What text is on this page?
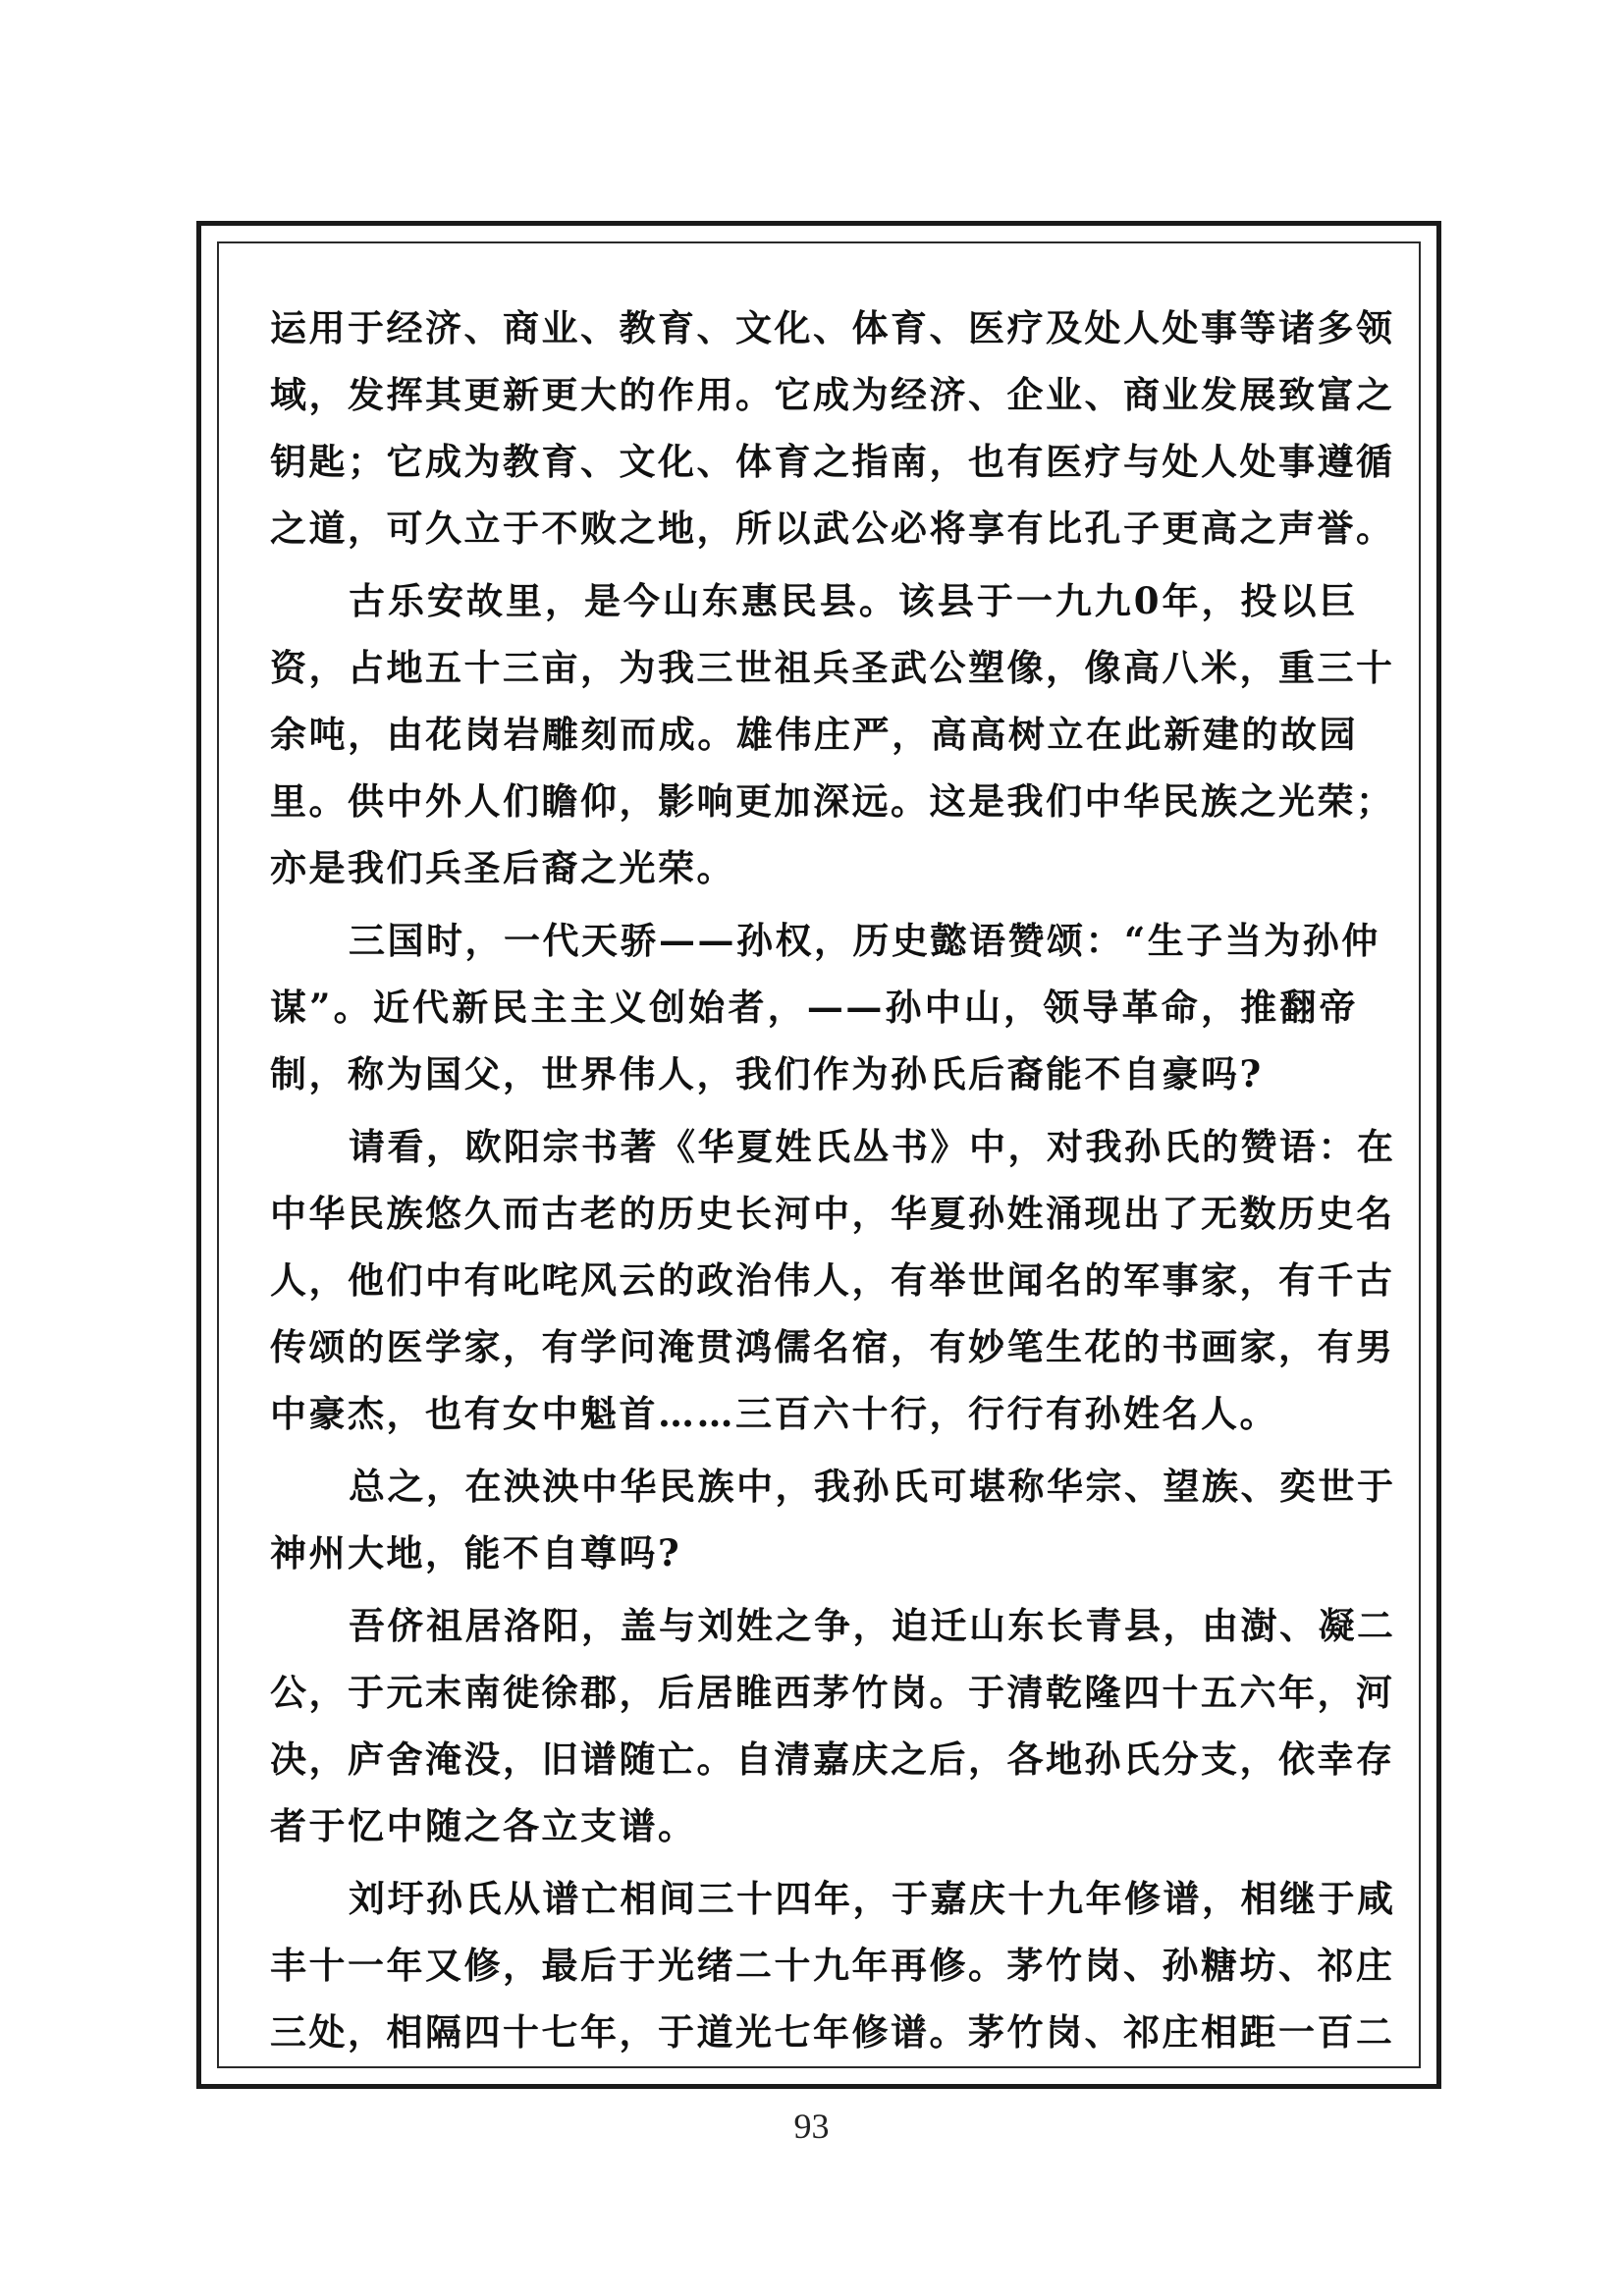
运用于经济、商业、教育、文化、体育、医疗及处人处事等诸多领
域，发挥其更新更大的作用。它成为经济、企业、商业发展致富之
钥匙；它成为教育、文化、体育之指南，也有医疗与处人处事遵循
之道，可久立于不败之地，所以武公必将享有比孔子更高之声誉。
古乐安故里，是今山东惠民县。该县于一九九0年，投以巨
资，占地五十三亩，为我三世祖兵圣武公塑像，像高八米，重三十
余吨，由花岗岩雕刻而成。雄伟庄严，高高树立在此新建的故园
里。供中外人们瞻仰，影响更加深远。这是我们中华民族之光荣；
亦是我们兵圣后裔之光荣。
三国时，一代天骄——孙权，历史懿语赞颂：“生子当为孙仲
谋”。近代新民主主义创始者，——孙中山，领导革命，推翻帝
制，称为国父，世界伟人，我们作为孙氏后裔能不自豪吗?
请看，欧阳宗书著《华夏姓氏丛书》中，对我孙氏的赞语：在
中华民族悠久而古老的历史长河中，华夏孙姓涌现出了无数历史名
人，他们中有叱咤风云的政治伟人，有举世闻名的军事家，有千古
传颂的医学家，有学问淹贯鸿儒名宿，有妙笔生花的书画家，有男
中豪杰，也有女中魁首……三百六十行，行行有孙姓名人。
总之，在泱泱中华民族中，我孙氏可堪称华宗、望族、奕世于
神州大地，能不自尊吗?
吾侪祖居洛阳，盖与刘姓之争，迫迁山东长青县，由澍、凝二
公，于元末南徙徐郡，后居睢西茅竹岗。于清乾隆四十五六年，河
决，庐舍淹没，旧谱随亡。自清嘉庆之后，各地孙氏分支，依幸存
者于忆中随之各立支谱。
刘圩孙氏从谱亡相间三十四年，于嘉庆十九年修谱，相继于咸
丰十一年又修，最后于光绪二十九年再修。茅竹岗、孙糖坊、祁庄
三处，相隔四十七年，于道光七年修谱。茅竹岗、祁庄相距一百二
93
